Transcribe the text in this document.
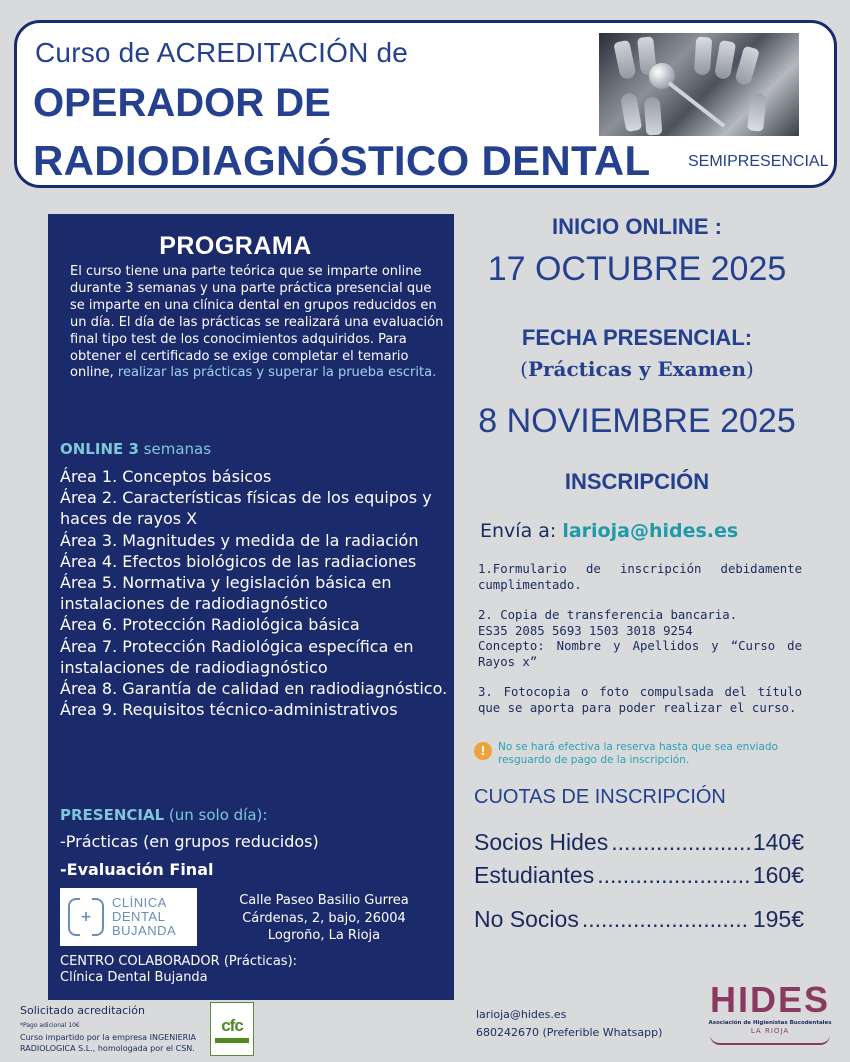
Curso de ACREDITACIÓN de
OPERADOR DE
RADIODIAGNÓSTICO DENTAL SEMIPRESENCIAL
PROGRAMA
El curso tiene una parte teórica que se imparte online durante 3 semanas y una parte práctica presencial que se imparte en una clínica dental en grupos reducidos en un día. El día de las prácticas se realizará una evaluación final tipo test de los conocimientos adquiridos. Para obtener el certificado se exige completar el temario online, realizar las prácticas y superar la prueba escrita.
ONLINE 3 semanas
Área 1. Conceptos básicos
Área 2. Características físicas de los equipos y haces de rayos X
Área 3. Magnitudes y medida de la radiación
Área 4. Efectos biológicos de las radiaciones
Área 5. Normativa y legislación básica en instalaciones de radiodiagnóstico
Área 6. Protección Radiológica básica
Área 7. Protección Radiológica específica en instalaciones de radiodiagnóstico
Área 8. Garantía de calidad en radiodiagnóstico.
Área 9. Requisitos técnico-administrativos
PRESENCIAL (un solo día):
-Prácticas (en grupos reducidos)
-Evaluación Final
+
CLÍNICA
DENTAL
BUJANDA
Calle Paseo Basilio Gurrea Cárdenas, 2, bajo, 26004 Logroño, La Rioja
CENTRO COLABORADOR (Prácticas):
Clínica Dental Bujanda
INICIO ONLINE :
17 OCTUBRE 2025
FECHA PRESENCIAL:
(Prácticas y Examen)
8 NOVIEMBRE 2025
INSCRIPCIÓN
Envía a: larioja@hides.es

1.Formulario de inscripción debidamente cumplimentado.

2. Copia de transferencia bancaria.
ES35 2085 5693 1503 3018 9254
Concepto: Nombre y Apellidos y “Curso de Rayos x”

3. Fotocopia o foto compulsada del título que se aporta para poder realizar el curso.

!	No se hará efectiva la reserva hasta que sea enviado resguardo de pago de la inscripción.
CUOTAS DE INSCRIPCIÓN
Socios Hides .....	140€
Estudiantes .....	160€
No Socios .....	195€
Solicitado acreditación
*Pago adicional 10€
Curso impartido por la empresa INGENIERIA RADIOLOGICA S.L., homologada por el CSN.
cfc
larioja@hides.es
680242670 (Preferible Whatsapp)
HIDES
Asociación de Higienistas Bucodentales
LA RIOJA
